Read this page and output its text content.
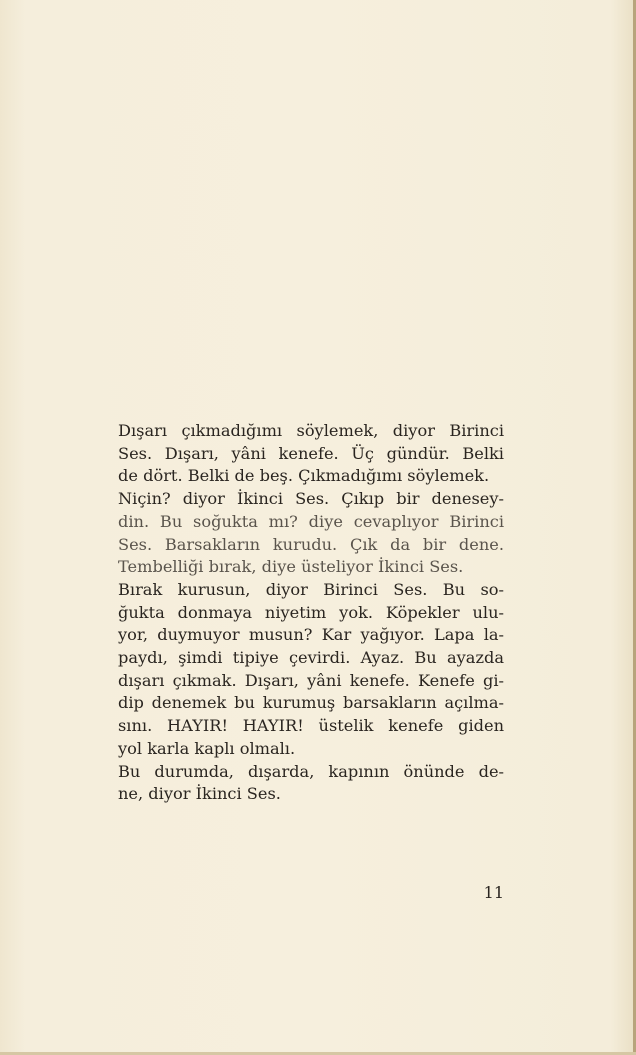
Dışarı çıkmadığımı söylemek, diyor Birinci
Ses. Dışarı, yâni kenefe. Üç gündür. Belki
de dört. Belki de beş. Çıkmadığımı söylemek.
Niçin? diyor İkinci Ses. Çıkıp bir denesey-
din. Bu soğukta mı? diye cevaplıyor Birinci
Ses. Barsakların kurudu. Çık da bir dene.
Tembelliği bırak, diye üsteliyor İkinci Ses.
Bırak kurusun, diyor Birinci Ses. Bu so-
ğukta donmaya niyetim yok. Köpekler ulu-
yor, duymuyor musun? Kar yağıyor. Lapa la-
paydı, şimdi tipiye çevirdi. Ayaz. Bu ayazda
dışarı çıkmak. Dışarı, yâni kenefe. Kenefe gi-
dip denemek bu kurumuş barsakların açılma-
sını. HAYIR! HAYIR! üstelik kenefe giden
yol karla kaplı olmalı.
Bu durumda, dışarda, kapının önünde de-
ne, diyor İkinci Ses.
11
